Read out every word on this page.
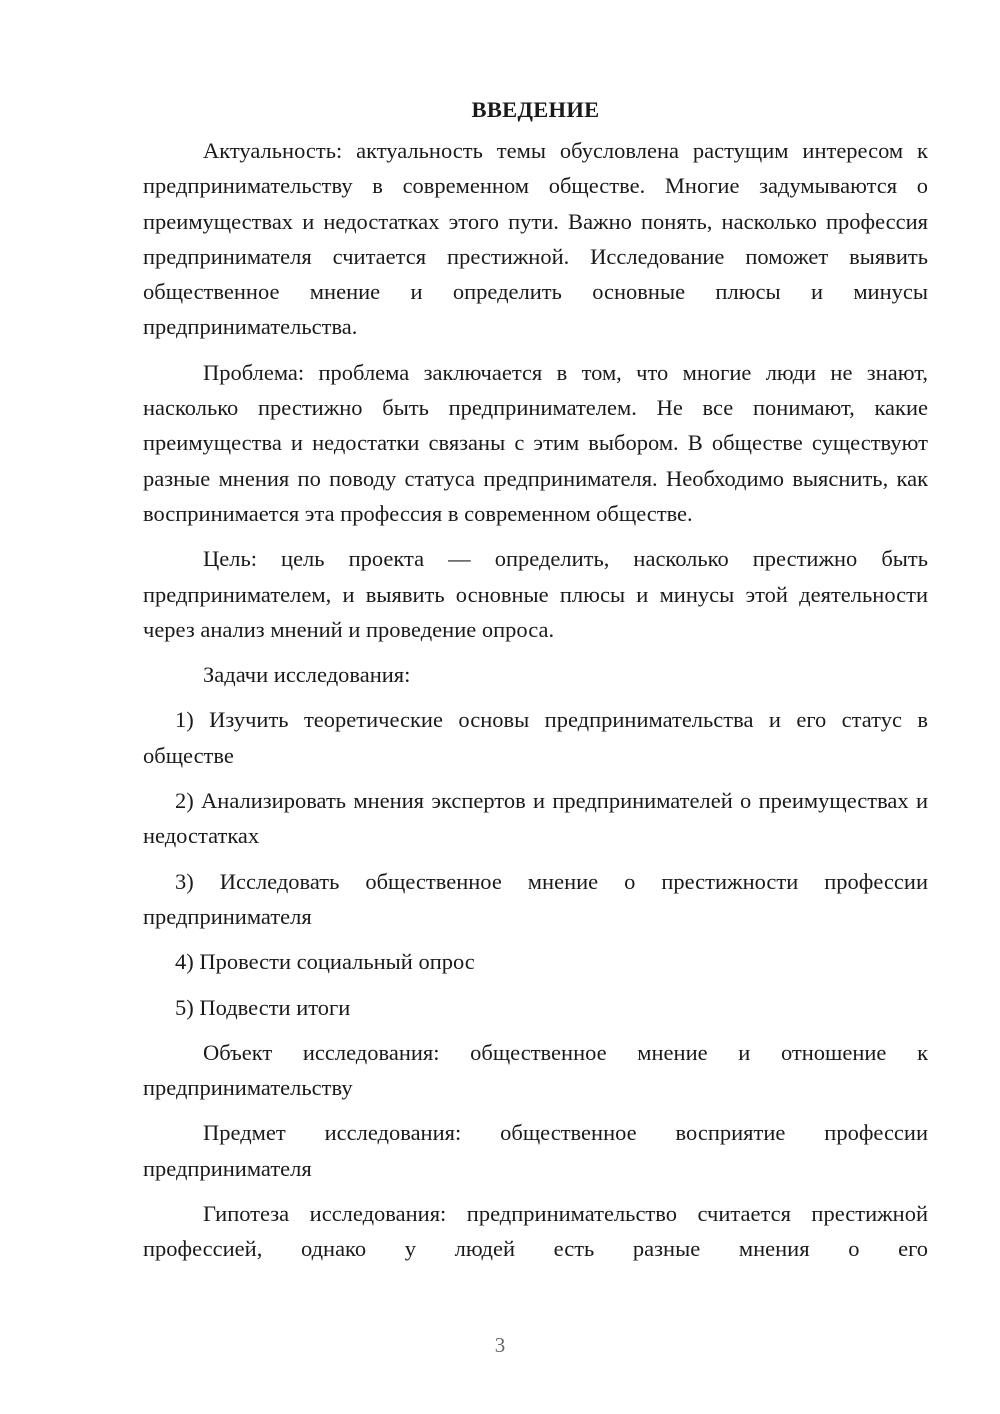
ВВЕДЕНИЕ

Актуальность: актуальность темы обусловлена растущим интересом к предпринимательству в современном обществе. Многие задумываются о преимуществах и недостатках этого пути. Важно понять, насколько профессия предпринимателя считается престижной. Исследование поможет выявить общественное мнение и определить основные плюсы и минусы предпринимательства.

Проблема: проблема заключается в том, что многие люди не знают, насколько престижно быть предпринимателем. Не все понимают, какие преимущества и недостатки связаны с этим выбором. В обществе существуют разные мнения по поводу статуса предпринимателя. Необходимо выяснить, как воспринимается эта профессия в современном обществе.

Цель: цель проекта — определить, насколько престижно быть предпринимателем, и выявить основные плюсы и минусы этой деятельности через анализ мнений и проведение опроса.

Задачи исследования:

1) Изучить теоретические основы предпринимательства и его статус в обществе

2) Анализировать мнения экспертов и предпринимателей о преимуществах и недостатках

3) Исследовать общественное мнение о престижности профессии предпринимателя

4) Провести социальный опрос

5) Подвести итоги

Объект исследования: общественное мнение и отношение к предпринимательству

Предмет исследования: общественное восприятие профессии предпринимателя

Гипотеза исследования: предпринимательство считается престижной профессией, однако у людей есть разные мнения о его

3
